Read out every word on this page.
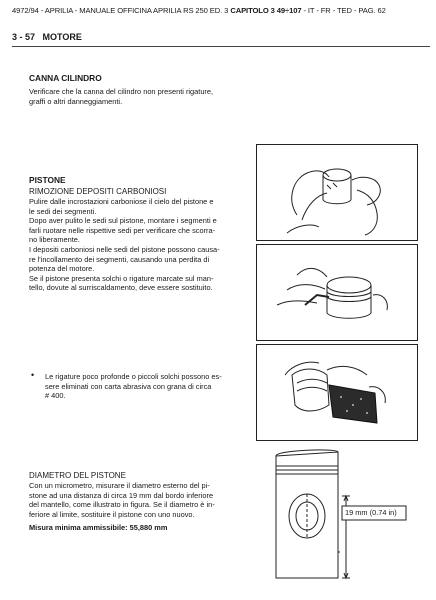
4972/94 - APRILIA - MANUALE OFFICINA APRILIA RS 250 ED. 3 CAPITOLO 3 49÷107 - IT - FR - TED - PAG. 62
3 - 57 MOTORE
CANNA CILINDRO
Verificare che la canna del cilindro non presenti rigature,
graffi o altri danneggiamenti.
PISTONE
RIMOZIONE DEPOSITI CARBONIOSI
Pulire dalle incrostazioni carboniose il cielo del pistone e
le sedi dei segmenti.
Dopo aver pulito le sedi sul pistone, montare i segmenti e
farli ruotare nelle rispettive sedi per verificare che scorra-
no liberamente.
I depositi carboniosi nelle sedi del pistone possono causa-
re l'incollamento dei segmenti, causando una perdita di
potenza del motore.
Se il pistone presenta solchi o rigature marcate sul man-
tello, dovute al surriscaldamento, deve essere sostituito.
• Le rigature poco profonde o piccoli solchi possono es-
sere eliminati con carta abrasiva con grana di circa
# 400.
DIAMETRO DEL PISTONE
Con un micrometro, misurare il diametro esterno del pi-
stone ad una distanza di circa 19 mm dal bordo inferiore
del mantello, come illustrato in figura. Se il diametro è in-
feriore al limite, sostituire il pistone con uno nuovo.
Misura minima ammissibile: 55,880 mm
19 mm (0.74 in)
